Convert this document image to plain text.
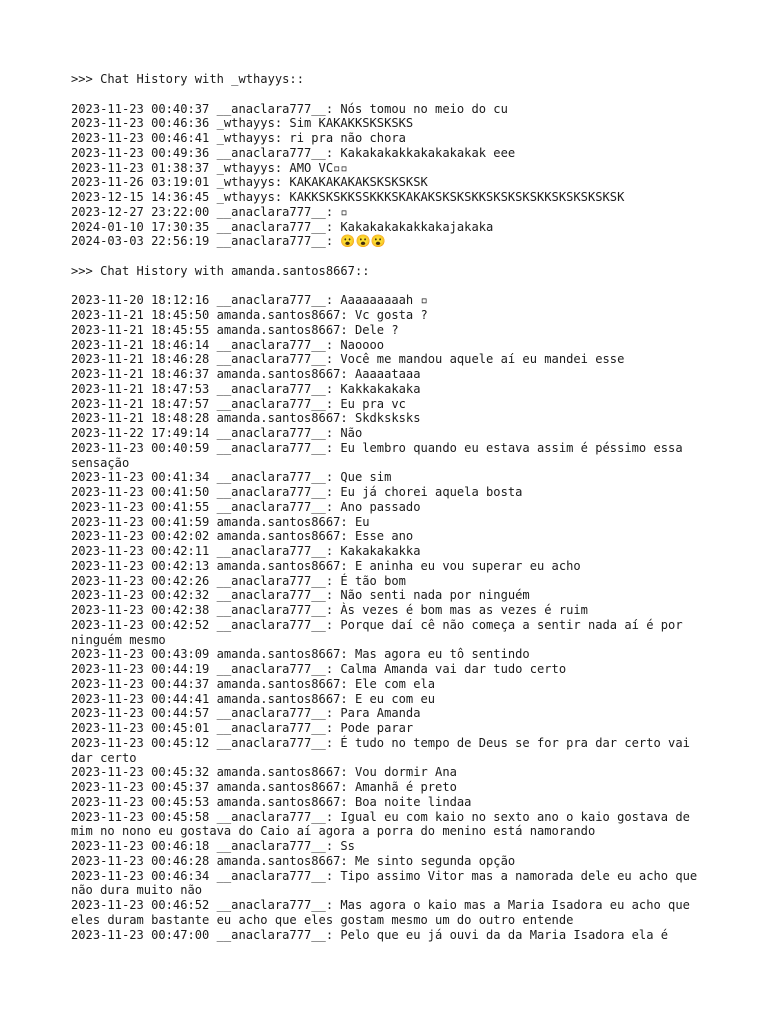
>>> Chat History with _wthayys::
2023-11-23 00:40:37 __anaclara777__: Nós tomou no meio do cu
2023-11-23 00:46:36 _wthayys: Sim KAKAKKSKSKSKS
2023-11-23 00:46:41 _wthayys: ri pra não chora
2023-11-23 00:49:36 __anaclara777__: Kakakakakkakakakakak eee
2023-11-23 01:38:37 _wthayys: AMO VC▫▫
2023-11-26 03:19:01 _wthayys: KAKAKAKAKAKSKSKSKSK
2023-12-15 14:36:45 _wthayys: KAKKSKSKKSSKKKSKAKAKSKSKSKKSKSKSKSKKSKSKSKSKSK
2023-12-27 23:22:00 __anaclara777__: ▫
2024-01-10 17:30:35 __anaclara777__: Kakakakakakkakajakaka
2024-03-03 22:56:19 __anaclara777__: 😮😮😮
>>> Chat History with amanda.santos8667::
2023-11-20 18:12:16 __anaclara777__: Aaaaaaaaah ▫
2023-11-21 18:45:50 amanda.santos8667: Vc gosta ?
2023-11-21 18:45:55 amanda.santos8667: Dele ?
2023-11-21 18:46:14 __anaclara777__: Naoooo
2023-11-21 18:46:28 __anaclara777__: Você me mandou aquele aí eu mandei esse
2023-11-21 18:46:37 amanda.santos8667: Aaaaataaa
2023-11-21 18:47:53 __anaclara777__: Kakkakakaka
2023-11-21 18:47:57 __anaclara777__: Eu pra vc
2023-11-21 18:48:28 amanda.santos8667: Skdksksks
2023-11-22 17:49:14 __anaclara777__: Não
2023-11-23 00:40:59 __anaclara777__: Eu lembro quando eu estava assim é péssimo essa sensação
2023-11-23 00:41:34 __anaclara777__: Que sim
2023-11-23 00:41:50 __anaclara777__: Eu já chorei aquela bosta
2023-11-23 00:41:55 __anaclara777__: Ano passado
2023-11-23 00:41:59 amanda.santos8667: Eu
2023-11-23 00:42:02 amanda.santos8667: Esse ano
2023-11-23 00:42:11 __anaclara777__: Kakakakakka
2023-11-23 00:42:13 amanda.santos8667: E aninha eu vou superar eu acho
2023-11-23 00:42:26 __anaclara777__: É tão bom
2023-11-23 00:42:32 __anaclara777__: Não senti nada por ninguém
2023-11-23 00:42:38 __anaclara777__: Às vezes é bom mas as vezes é ruim
2023-11-23 00:42:52 __anaclara777__: Porque daí cê não começa a sentir nada aí é por ninguém mesmo
2023-11-23 00:43:09 amanda.santos8667: Mas agora eu tô sentindo
2023-11-23 00:44:19 __anaclara777__: Calma Amanda vai dar tudo certo
2023-11-23 00:44:37 amanda.santos8667: Ele com ela
2023-11-23 00:44:41 amanda.santos8667: E eu com eu
2023-11-23 00:44:57 __anaclara777__: Para Amanda
2023-11-23 00:45:01 __anaclara777__: Pode parar
2023-11-23 00:45:12 __anaclara777__: É tudo no tempo de Deus se for pra dar certo vai dar certo
2023-11-23 00:45:32 amanda.santos8667: Vou dormir Ana
2023-11-23 00:45:37 amanda.santos8667: Amanhã é preto
2023-11-23 00:45:53 amanda.santos8667: Boa noite lindaa
2023-11-23 00:45:58 __anaclara777__: Igual eu com kaio no sexto ano o kaio gostava de mim no nono eu gostava do Caio aí agora a porra do menino está namorando
2023-11-23 00:46:18 __anaclara777__: Ss
2023-11-23 00:46:28 amanda.santos8667: Me sinto segunda opção
2023-11-23 00:46:34 __anaclara777__: Tipo assimo Vitor mas a namorada dele eu acho que não dura muito não
2023-11-23 00:46:52 __anaclara777__: Mas agora o kaio mas a Maria Isadora eu acho que eles duram bastante eu acho que eles gostam mesmo um do outro entende
2023-11-23 00:47:00 __anaclara777__: Pelo que eu já ouvi da da Maria Isadora ela é
